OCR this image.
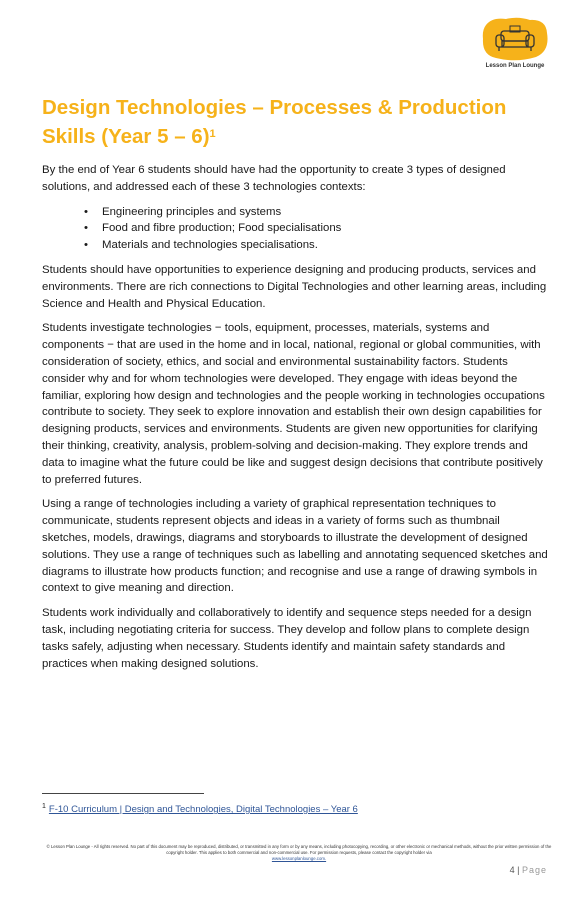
Lesson Plan Lounge
Design Technologies – Processes & Production Skills (Year 5 – 6)$^1$

By the end of Year 6 students should have had the opportunity to create 3 types of designed solutions, and addressed each of these 3 technologies contexts:

• Engineering principles and systems
• Food and fibre production; Food specialisations
• Materials and technologies specialisations.

Students should have opportunities to experience designing and producing products, services and environments. There are rich connections to Digital Technologies and other learning areas, including Science and Health and Physical Education.

Students investigate technologies − tools, equipment, processes, materials, systems and components − that are used in the home and in local, national, regional or global communities, with consideration of society, ethics, and social and environmental sustainability factors. Students consider why and for whom technologies were developed. They engage with ideas beyond the familiar, exploring how design and technologies and the people working in technologies occupations contribute to society. They seek to explore innovation and establish their own design capabilities for designing products, services and environments. Students are given new opportunities for clarifying their thinking, creativity, analysis, problem-solving and decision-making. They explore trends and data to imagine what the future could be like and suggest design decisions that contribute positively to preferred futures.

Using a range of technologies including a variety of graphical representation techniques to communicate, students represent objects and ideas in a variety of forms such as thumbnail sketches, models, drawings, diagrams and storyboards to illustrate the development of designed solutions. They use a range of techniques such as labelling and annotating sequenced sketches and diagrams to illustrate how products function; and recognise and use a range of drawing symbols in context to give meaning and direction.

Students work individually and collaboratively to identify and sequence steps needed for a design task, including negotiating criteria for success. They develop and follow plans to complete design tasks safely, adjusting when necessary. Students identify and maintain safety standards and practices when making designed solutions.

$^1$ F-10 Curriculum | Design and Technologies, Digital Technologies – Year 6
© Lesson Plan Lounge - All rights reserved. No part of this document may be reproduced, distributed, or transmitted in any form or by any means, including photocopying, recording, or other electronic or mechanical methods, without the prior written permission of the copyright holder. This applies to both commercial and non-commercial use. For permission requests, please contact the copyright holder via
www.lessonplanlounge.com.
4 | Page
